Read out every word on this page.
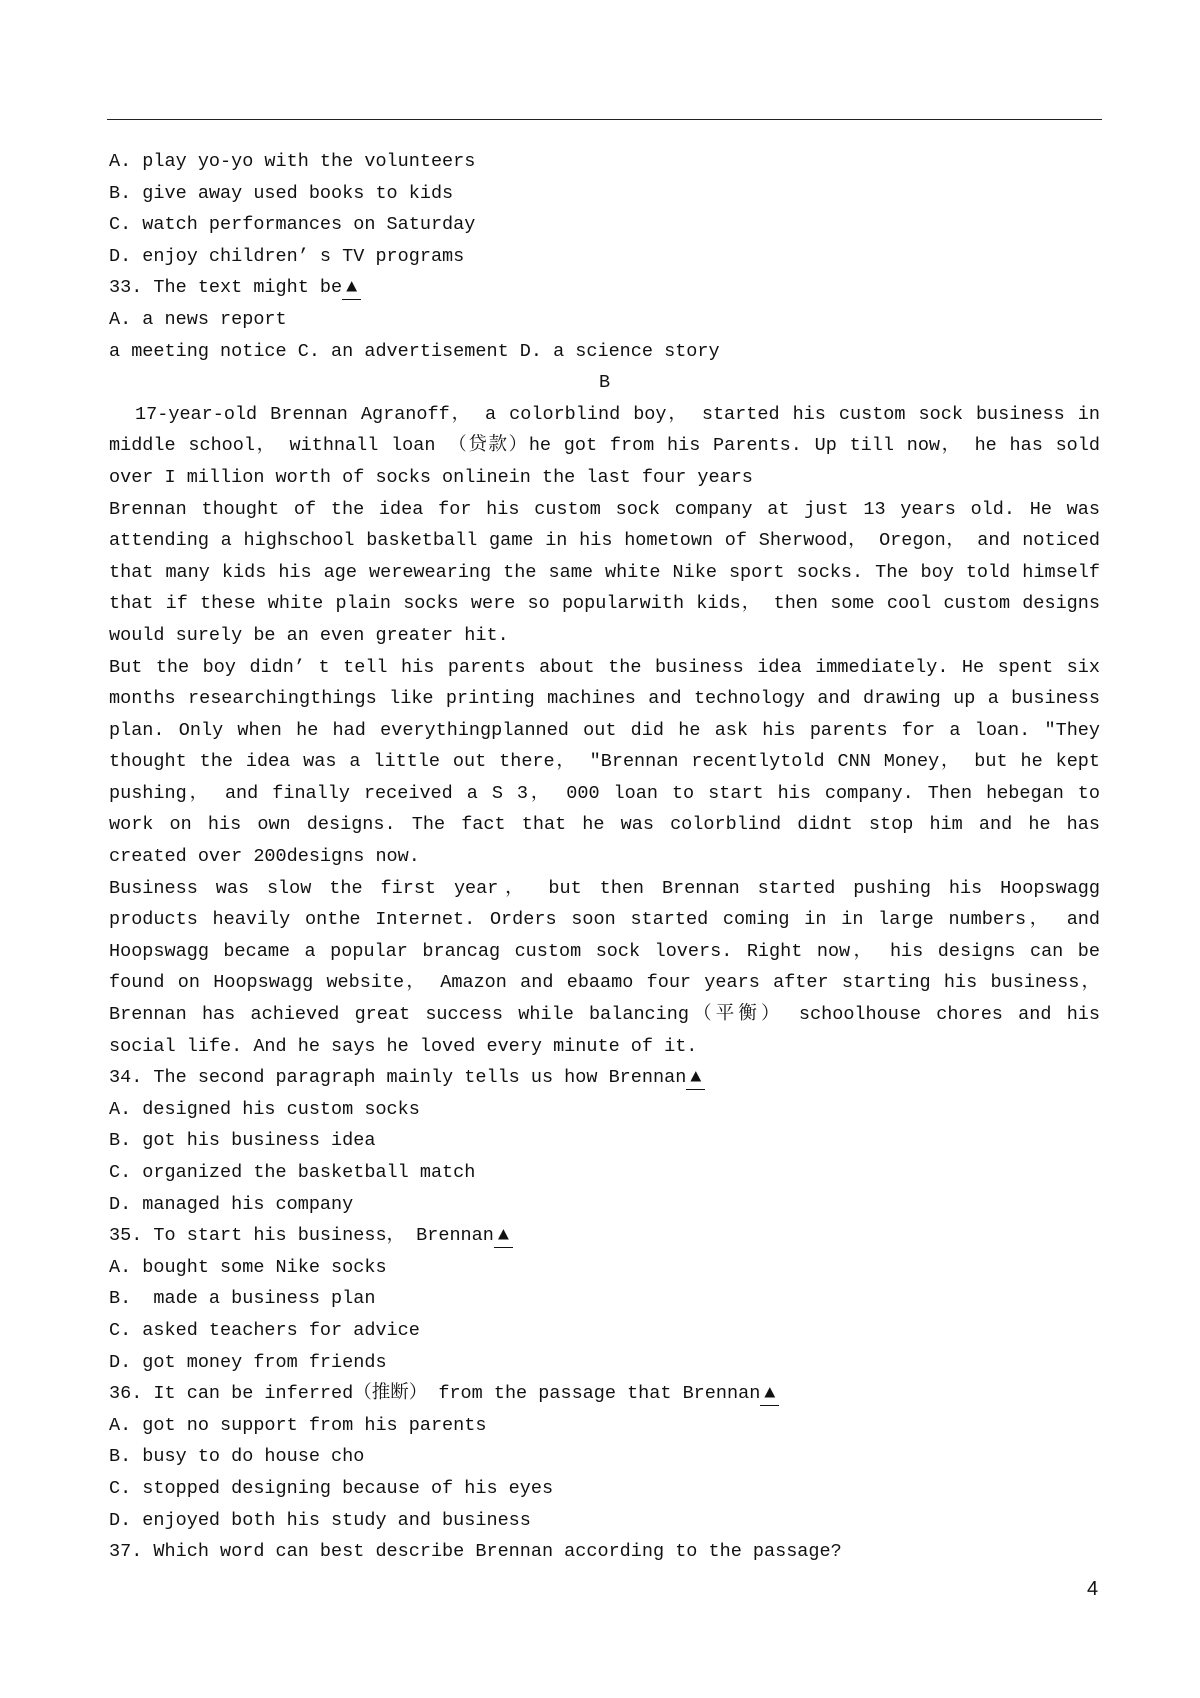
A. play yo-yo with the volunteers
B. give away used books to kids
C. watch performances on Saturday
D. enjoy children’ s TV programs
33. The text might be ▲
A. a news report
a meeting notice C. an advertisement D. a science story
B
17-year-old Brennan Agranoff， a colorblind boy， started his custom sock business in middle school， withnall loan （贷款）he got from his Parents. Up till now， he has sold over I million worth of socks onlinein the last four years
Brennan thought of the idea for his custom sock company at just 13 years old. He was attending a highschool basketball game in his hometown of Sherwood， Oregon， and noticed that many kids his age werewearing the same white Nike sport socks. The boy told himself that if these white plain socks were so popularwith kids， then some cool custom designs would surely be an even greater hit.
But the boy didn’ t tell his parents about the business idea immediately. He spent six months researchingthings like printing machines and technology and drawing up a business plan. Only when he had everythingplanned out did he ask his parents for a loan. "They thought the idea was a little out there， "Brennan recentlytold CNN Money， but he kept pushing， and finally received a S 3， 000 loan to start his company. Then hebegan to work on his own designs. The fact that he was colorblind didnt stop him and he has created over 200designs now.
Business was slow the first year， but then Brennan started pushing his Hoopswagg products heavily onthe Internet. Orders soon started coming in in large numbers， and Hoopswagg became a popular brancag custom sock lovers. Right now， his designs can be found on Hoopswagg website， Amazon and ebaamo four years after starting his business， Brennan has achieved great success while balancing（平衡） schoolhouse chores and his social life. And he says he loved every minute of it.
34. The second paragraph mainly tells us how Brennan ▲
A. designed his custom socks
B. got his business idea
C. organized the basketball match
D. managed his company
35. To start his business， Brennan ▲
A. bought some Nike socks
B.  made a business plan
C. asked teachers for advice
D. got money from friends
36. It can be inferred（推断） from the passage that Brennan ▲
A. got no support from his parents
B. busy to do house cho
C. stopped designing because of his eyes
D. enjoyed both his study and business
37. Which word can best describe Brennan according to the passage?
4
